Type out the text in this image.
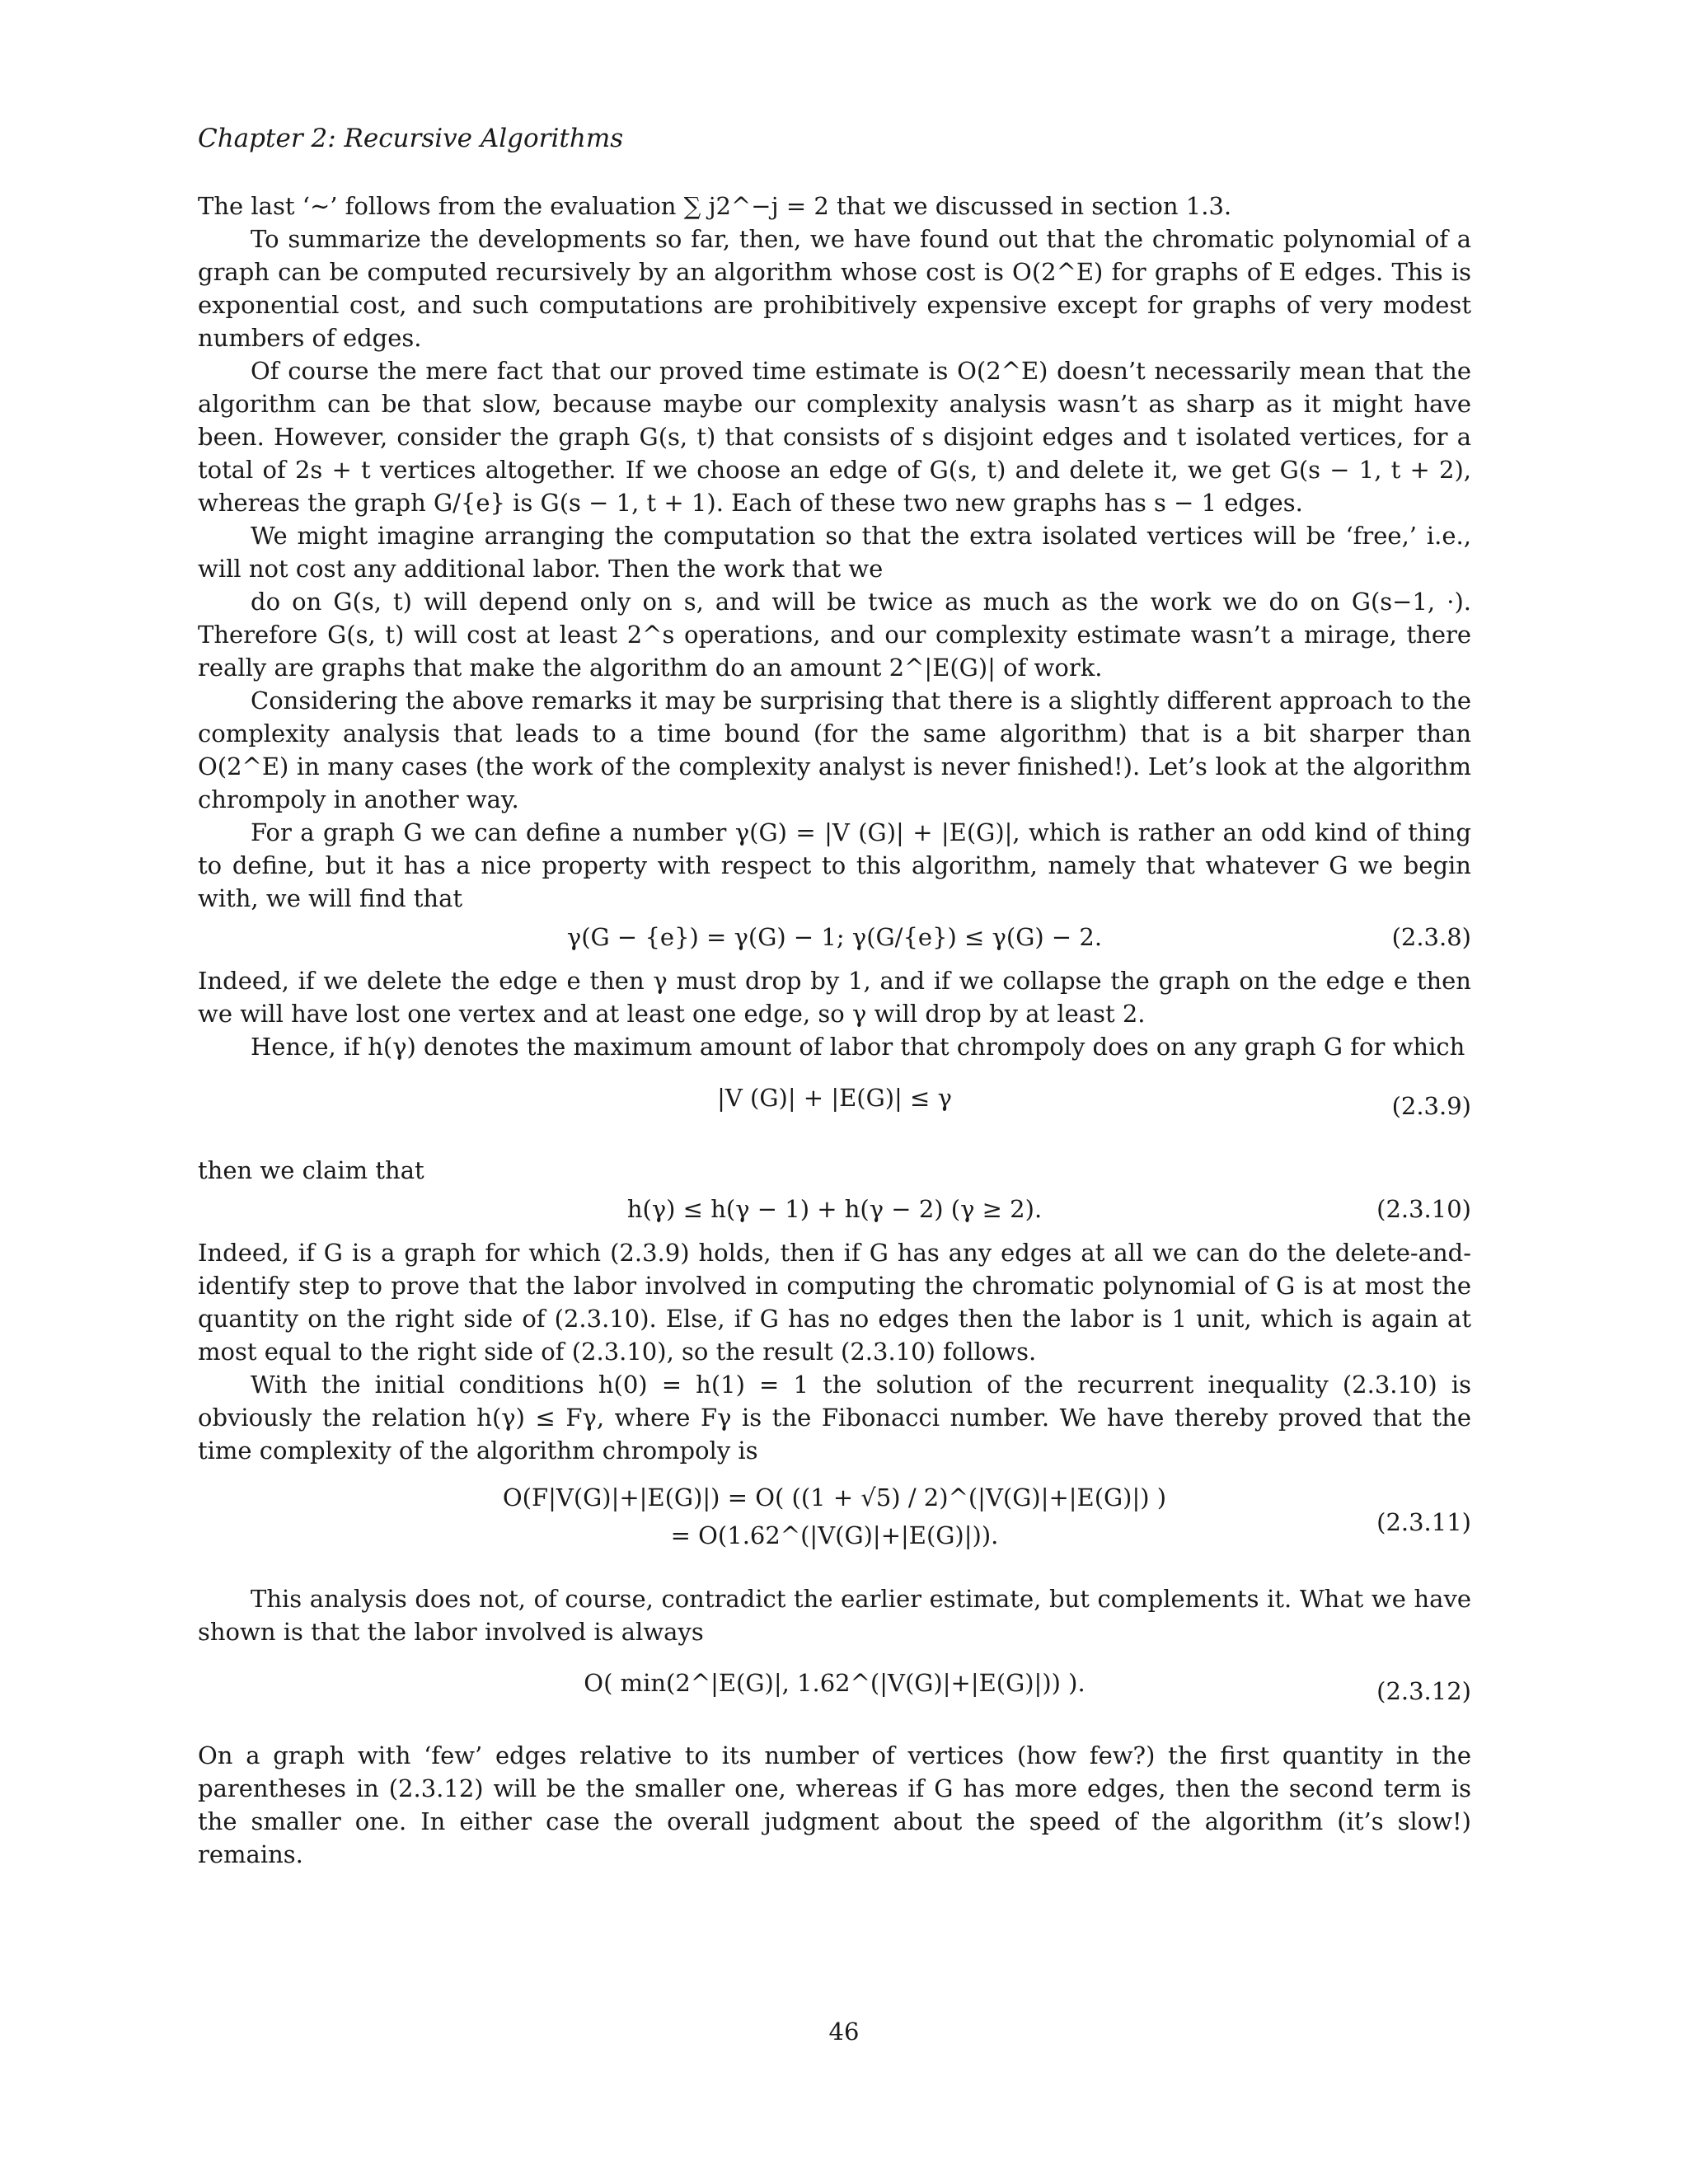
Chapter 2: Recursive Algorithms

The last ‘∼’ follows from the evaluation ∑ j2^−j = 2 that we discussed in section 1.3.

To summarize the developments so far, then, we have found out that the chromatic polynomial of a graph can be computed recursively by an algorithm whose cost is O(2^E) for graphs of E edges. This is exponential cost, and such computations are prohibitively expensive except for graphs of very modest numbers of edges.

Of course the mere fact that our proved time estimate is O(2^E) doesn’t necessarily mean that the algorithm can be that slow, because maybe our complexity analysis wasn’t as sharp as it might have been. However, consider the graph G(s, t) that consists of s disjoint edges and t isolated vertices, for a total of 2s + t vertices altogether. If we choose an edge of G(s, t) and delete it, we get G(s − 1, t + 2), whereas the graph G/{e} is G(s − 1, t + 1). Each of these two new graphs has s − 1 edges.

We might imagine arranging the computation so that the extra isolated vertices will be ‘free,’ i.e., will not cost any additional labor. Then the work that we

do on G(s, t) will depend only on s, and will be twice as much as the work we do on G(s−1, ·). Therefore G(s, t) will cost at least 2^s operations, and our complexity estimate wasn’t a mirage, there really are graphs that make the algorithm do an amount 2^|E(G)| of work.

Considering the above remarks it may be surprising that there is a slightly different approach to the complexity analysis that leads to a time bound (for the same algorithm) that is a bit sharper than O(2^E) in many cases (the work of the complexity analyst is never finished!). Let’s look at the algorithm chrompoly in another way.

For a graph G we can define a number γ(G) = |V (G)| + |E(G)|, which is rather an odd kind of thing to define, but it has a nice property with respect to this algorithm, namely that whatever G we begin with, we will find that

γ(G − {e}) = γ(G) − 1; γ(G/{e}) ≤ γ(G) − 2.	(2.3.8)

Indeed, if we delete the edge e then γ must drop by 1, and if we collapse the graph on the edge e then we will have lost one vertex and at least one edge, so γ will drop by at least 2.

Hence, if h(γ) denotes the maximum amount of labor that chrompoly does on any graph G for which

|V (G)| + |E(G)| ≤ γ	(2.3.9)

then we claim that

h(γ) ≤ h(γ − 1) + h(γ − 2) (γ ≥ 2).	(2.3.10)

Indeed, if G is a graph for which (2.3.9) holds, then if G has any edges at all we can do the delete-and-identify step to prove that the labor involved in computing the chromatic polynomial of G is at most the quantity on the right side of (2.3.10). Else, if G has no edges then the labor is 1 unit, which is again at most equal to the right side of (2.3.10), so the result (2.3.10) follows.

With the initial conditions h(0) = h(1) = 1 the solution of the recurrent inequality (2.3.10) is obviously the relation h(γ) ≤ Fγ, where Fγ is the Fibonacci number. We have thereby proved that the time complexity of the algorithm chrompoly is

O(F|V(G)|+|E(G)|) = O( ((1 + √5) / 2)^(|V(G)|+|E(G)|) )
= O(1.62^(|V(G)|+|E(G)|)).	(2.3.11)

This analysis does not, of course, contradict the earlier estimate, but complements it. What we have shown is that the labor involved is always

O( min(2^|E(G)|, 1.62^(|V(G)|+|E(G)|)) ).	(2.3.12)

On a graph with ‘few’ edges relative to its number of vertices (how few?) the first quantity in the parentheses in (2.3.12) will be the smaller one, whereas if G has more edges, then the second term is the smaller one. In either case the overall judgment about the speed of the algorithm (it’s slow!) remains.

46
